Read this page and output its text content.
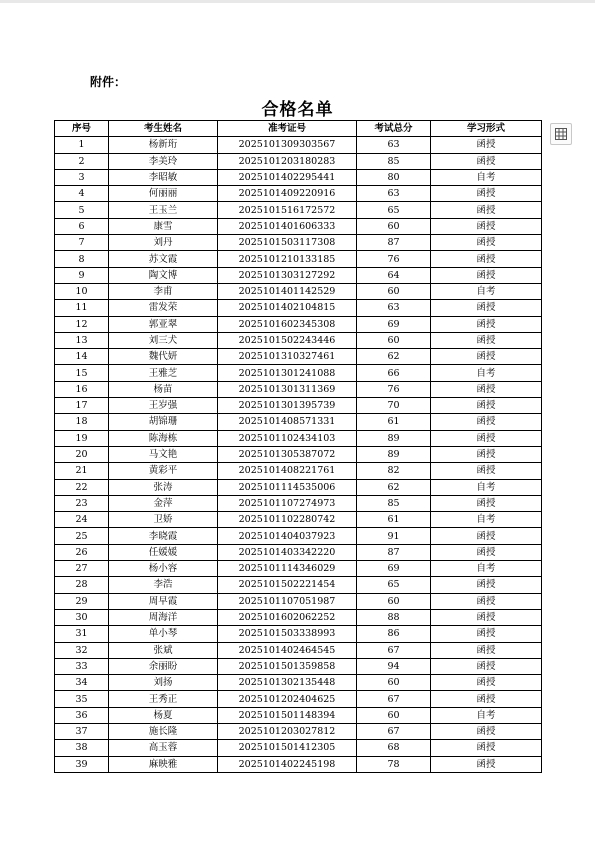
附件：
合格名单
序号	考生姓名	准考证号	考试总分	学习形式
1	杨新珩	2025101309303567	63	函授
2	李美玲	2025101203180283	85	函授
3	李昭敏	2025101402295441	80	自考
4	何丽丽	2025101409220916	63	函授
5	王玉兰	2025101516172572	65	函授
6	康雪	2025101401606333	60	函授
7	刘丹	2025101503117308	87	函授
8	苏文霞	2025101210133185	76	函授
9	陶文博	2025101303127292	64	函授
10	李甫	2025101401142529	60	自考
11	雷发荣	2025101402104815	63	函授
12	郭亚翠	2025101602345308	69	函授
13	刘三犬	2025101502243446	60	函授
14	魏代妍	2025101310327461	62	函授
15	王雅芝	2025101301241088	66	自考
16	杨苗	2025101301311369	76	函授
17	王岁强	2025101301395739	70	函授
18	胡锦珊	2025101408571331	61	函授
19	陈海栋	2025101102434103	89	函授
20	马文艳	2025101305387072	89	函授
21	黄彩平	2025101408221761	82	函授
22	张涛	2025101114535006	62	自考
23	金萍	2025101107274973	85	函授
24	卫娇	2025101102280742	61	自考
25	李晓霞	2025101404037923	91	函授
26	任媛媛	2025101403342220	87	函授
27	杨小容	2025101114346029	69	自考
28	李浩	2025101502221454	65	函授
29	周早霞	2025101107051987	60	函授
30	周海洋	2025101602062252	88	函授
31	单小琴	2025101503338993	86	函授
32	张斌	2025101402464545	67	函授
33	余丽盼	2025101501359858	94	函授
34	刘扬	2025101302135448	60	函授
35	王秀正	2025101202404625	67	函授
36	杨夏	2025101501148394	60	自考
37	施长隆	2025101203027812	67	函授
38	高玉蓉	2025101501412305	68	函授
39	麻映雅	2025101402245198	78	函授
